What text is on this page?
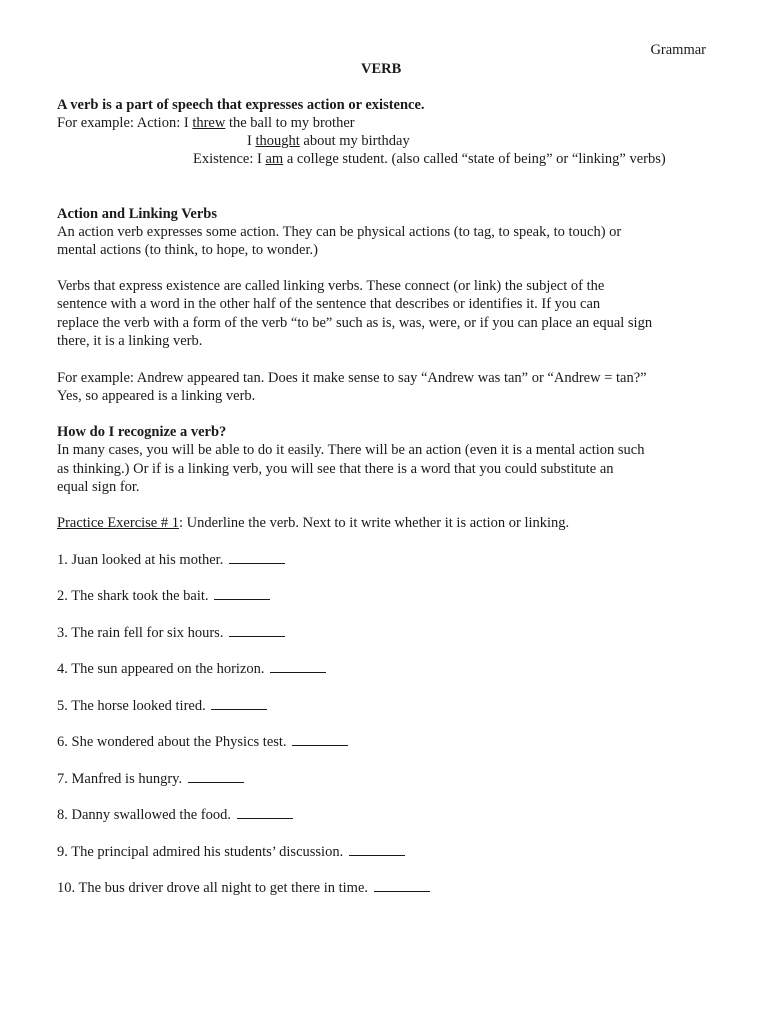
Grammar
VERB
A verb is a part of speech that expresses action or existence.
For example: Action: I threw the ball to my brother
I thought about my birthday
Existence: I am a college student. (also called “state of being” or “linking” verbs)
Action and Linking Verbs
An action verb expresses some action. They can be physical actions (to tag, to speak, to touch) or
mental actions (to think, to hope, to wonder.)
Verbs that express existence are called linking verbs. These connect (or link) the subject of the
sentence with a word in the other half of the sentence that describes or identifies it. If you can
replace the verb with a form of the verb “to be” such as is, was, were, or if you can place an equal sign
there, it is a linking verb.
For example: Andrew appeared tan. Does it make sense to say “Andrew was tan” or “Andrew = tan?”
Yes, so appeared is a linking verb.
How do I recognize a verb?
In many cases, you will be able to do it easily. There will be an action (even it is a mental action such
as thinking.) Or if is a linking verb, you will see that there is a word that you could substitute an
equal sign for.
Practice Exercise # 1: Underline the verb. Next to it write whether it is action or linking.
1. Juan looked at his mother.
2. The shark took the bait.
3. The rain fell for six hours.
4. The sun appeared on the horizon.
5. The horse looked tired.
6. She wondered about the Physics test.
7. Manfred is hungry.
8. Danny swallowed the food.
9. The principal admired his students’ discussion.
10. The bus driver drove all night to get there in time.
